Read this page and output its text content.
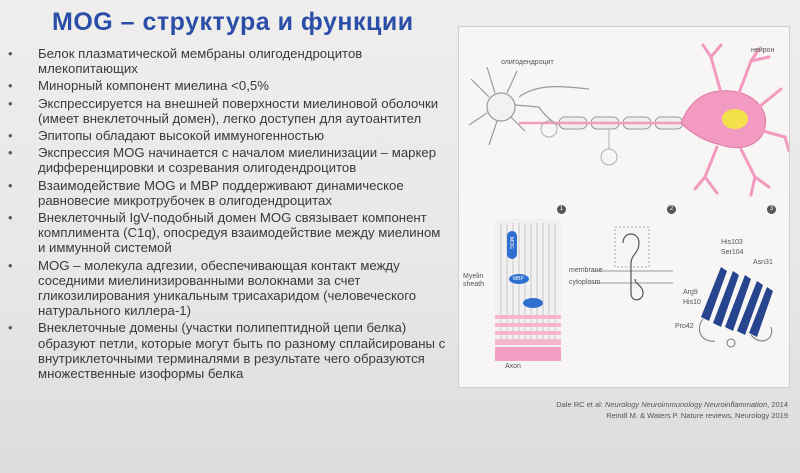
MOG – структура и функции
• Белок плазматической мембраны олигодендроцитов млекопитающих
• Минорный компонент миелина <0,5%
• Экспрессируется на внешней поверхности миелиновой оболочки (имеет внеклеточный домен), легко доступен для аутоантител
• Эпитопы обладают высокой иммуногенностью
• Экспрессия MOG начинается с началом миелинизации – маркер дифференцировки и созревания олигодендроцитов
• Взаимодействие MOG и MBP поддерживают динамическое равновесие микротрубочек в олигодендроцитах
• Внеклеточный IgV-подобный домен MOG связывает компонент комплимента (C1q), опосредуя взаимодействие между миелином и иммунной системой
• MOG – молекула адгезии, обеспечивающая контакт между соседними миелинизированными волокнами за счет гликозилирования уникальным трисахаридом (человеческого натурального киллера-1)
• Внеклеточные домены (участки полипептидной цепи белка) образуют петли, которые могут быть по разному сплайсированы с внутриклеточными терминалями в результате чего образуются множественные изоформы белка
олигодендроцит
нейрон
1	2	3
Myelin
sheath
Axon
MOG
MBP
membrane
cytoplasm
His103
Ser104
Asn31
Arg9
His10
Pro42
Dale RC et al: Neurology Neuroimmunology Neuroinflammation, 2014
Reindl M. & Waters P. Nature reviews, Neurology 2019
